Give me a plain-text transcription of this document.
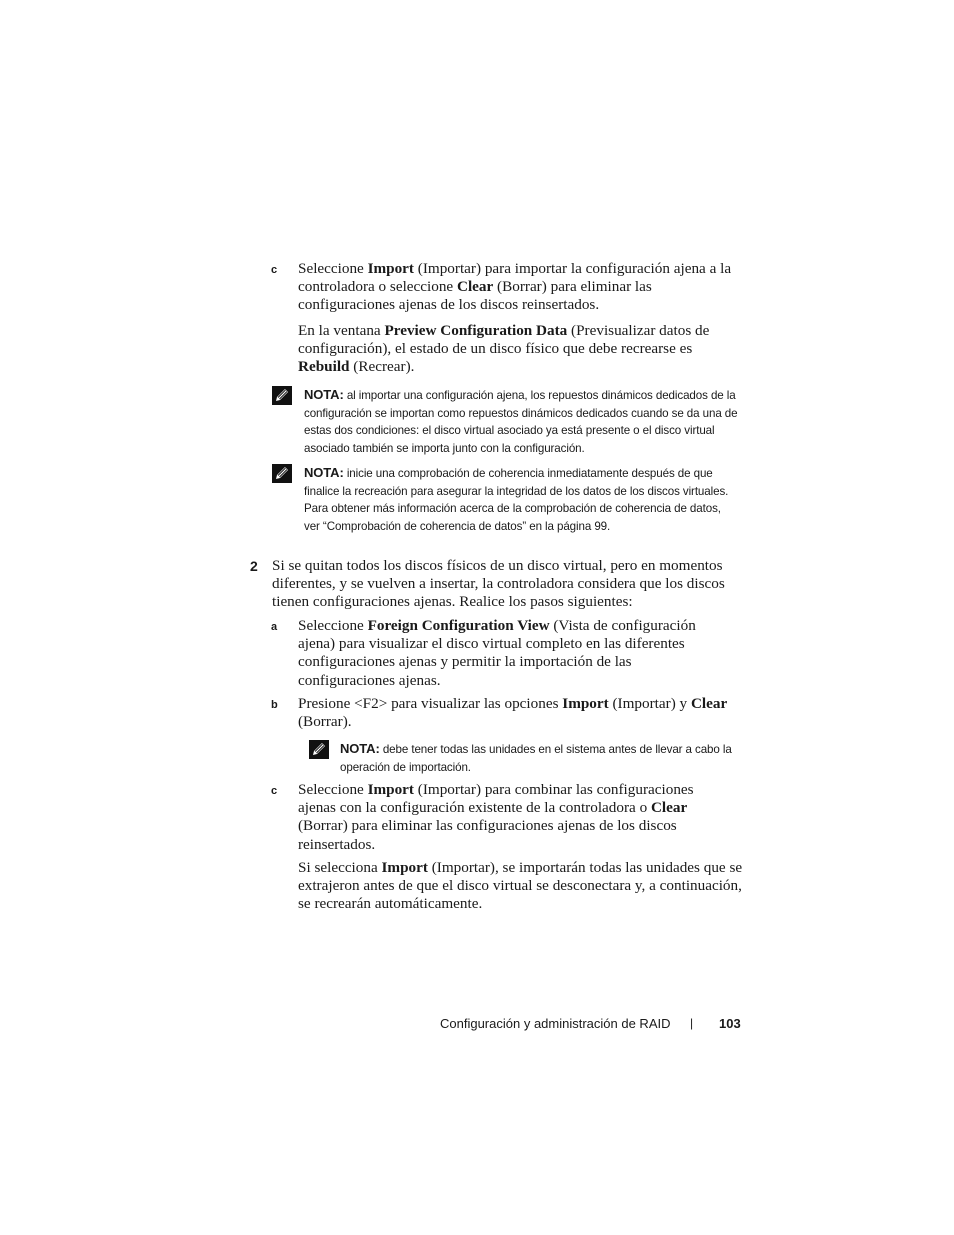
c Seleccione Import (Importar) para importar la configuración ajena a la controladora o seleccione Clear (Borrar) para eliminar las configuraciones ajenas de los discos reinsertados.

En la ventana Preview Configuration Data (Previsualizar datos de configuración), el estado de un disco físico que debe recrearse es Rebuild (Recrear).

NOTA: al importar una configuración ajena, los repuestos dinámicos dedicados de la configuración se importan como repuestos dinámicos dedicados cuando se da una de estas dos condiciones: el disco virtual asociado ya está presente o el disco virtual asociado también se importa junto con la configuración.

NOTA: inicie una comprobación de coherencia inmediatamente después de que finalice la recreación para asegurar la integridad de los datos de los discos virtuales. Para obtener más información acerca de la comprobación de coherencia de datos, ver “Comprobación de coherencia de datos” en la página 99.

2 Si se quitan todos los discos físicos de un disco virtual, pero en momentos diferentes, y se vuelven a insertar, la controladora considera que los discos tienen configuraciones ajenas. Realice los pasos siguientes:

a Seleccione Foreign Configuration View (Vista de configuración ajena) para visualizar el disco virtual completo en las diferentes configuraciones ajenas y permitir la importación de las configuraciones ajenas.

b Presione <F2> para visualizar las opciones Import (Importar) y Clear (Borrar).

NOTA: debe tener todas las unidades en el sistema antes de llevar a cabo la operación de importación.

c Seleccione Import (Importar) para combinar las configuraciones ajenas con la configuración existente de la controladora o Clear (Borrar) para eliminar las configuraciones ajenas de los discos reinsertados.

Si selecciona Import (Importar), se importarán todas las unidades que se extrajeron antes de que el disco virtual se desconectara y, a continuación, se recrearán automáticamente.

Configuración y administración de RAID | 103
